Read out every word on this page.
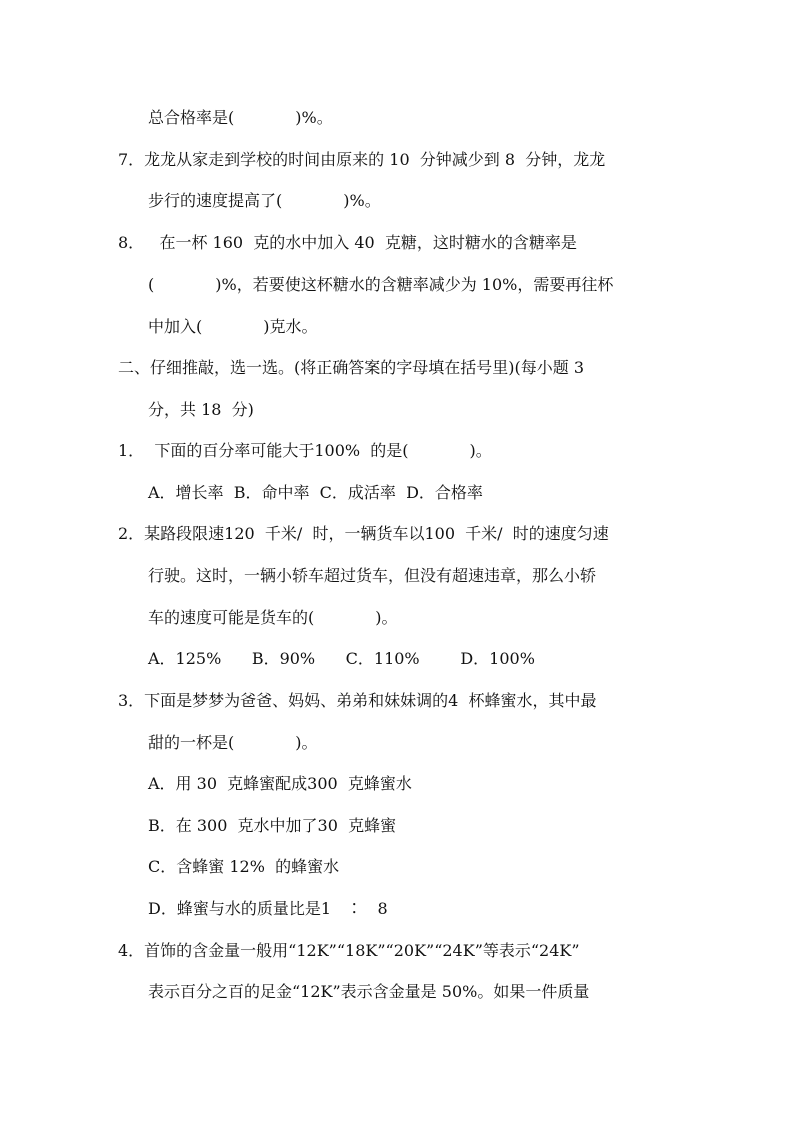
总合格率是(            )%。
7．龙龙从家走到学校的时间由原来的 10  分钟减少到 8  分钟，龙龙
步行的速度提高了(            )%。
8．   在一杯 160  克的水中加入 40  克糖，这时糖水的含糖率是
(            )%，若要使这杯糖水的含糖率减少为 10%，需要再往杯
中加入(            )克水。
二、仔细推敲，选一选。(将正确答案的字母填在括号里)(每小题 3
分，共 18  分)
1．  下面的百分率可能大于100%  的是(            )。
A．增长率  B．命中率  C．成活率  D．合格率
2．某路段限速120  千米/  时，一辆货车以100  千米/  时的速度匀速
行驶。这时，一辆小轿车超过货车，但没有超速违章，那么小轿
车的速度可能是货车的(            )。
A．125%      B．90%      C．110%        D．100%
3．下面是梦梦为爸爸、妈妈、弟弟和妹妹调的4  杯蜂蜜水，其中最
甜的一杯是(            )。
A．用 30  克蜂蜜配成300  克蜂蜜水
B．在 300  克水中加了30  克蜂蜜
C．含蜂蜜 12%  的蜂蜜水
D．蜂蜜与水的质量比是1   ∶   8
4．首饰的含金量一般用“12K”“18K”“20K”“24K”等表示“24K”
表示百分之百的足金“12K”表示含金量是 50%。如果一件质量
